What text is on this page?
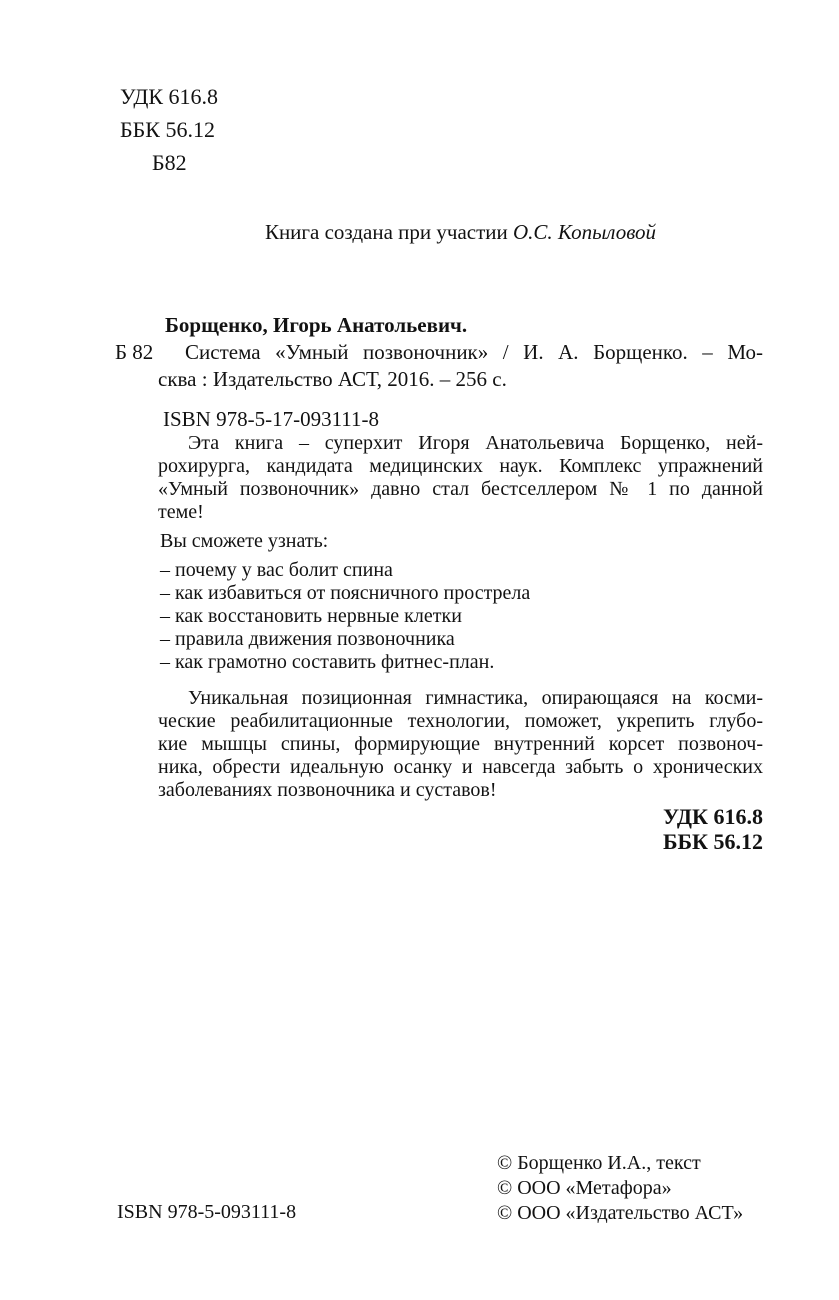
УДК 616.8
ББК 56.12
Б82
Книга создана при участии О.С. Копыловой
Борщенко, Игорь Анатольевич.
Б 82	Система «Умный позвоночник» / И. А. Борщенко. – Мо-
сква : Издательство АСТ, 2016. – 256 с.
ISBN 978-5-17-093111-8
Эта книга – суперхит Игоря Анатольевича Борщенко, ней-
рохирурга, кандидата медицинских наук. Комплекс упражнений
«Умный позвоночник» давно стал бестселлером № 1 по данной
теме!
Вы сможете узнать:
– почему у вас болит спина
– как избавиться от поясничного прострела
– как восстановить нервные клетки
– правила движения позвоночника
– как грамотно составить фитнес-план.
Уникальная позиционная гимнастика, опирающаяся на косми-
ческие реабилитационные технологии, поможет, укрепить глубо-
кие мышцы спины, формирующие внутренний корсет позвоноч-
ника, обрести идеальную осанку и навсегда забыть о хронических
заболеваниях позвоночника и суставов!
УДК 616.8
ББК 56.12
ISBN 978-5-093111-8
© Борщенко И.А., текст
© ООО «Метафора»
© ООО «Издательство АСТ»
